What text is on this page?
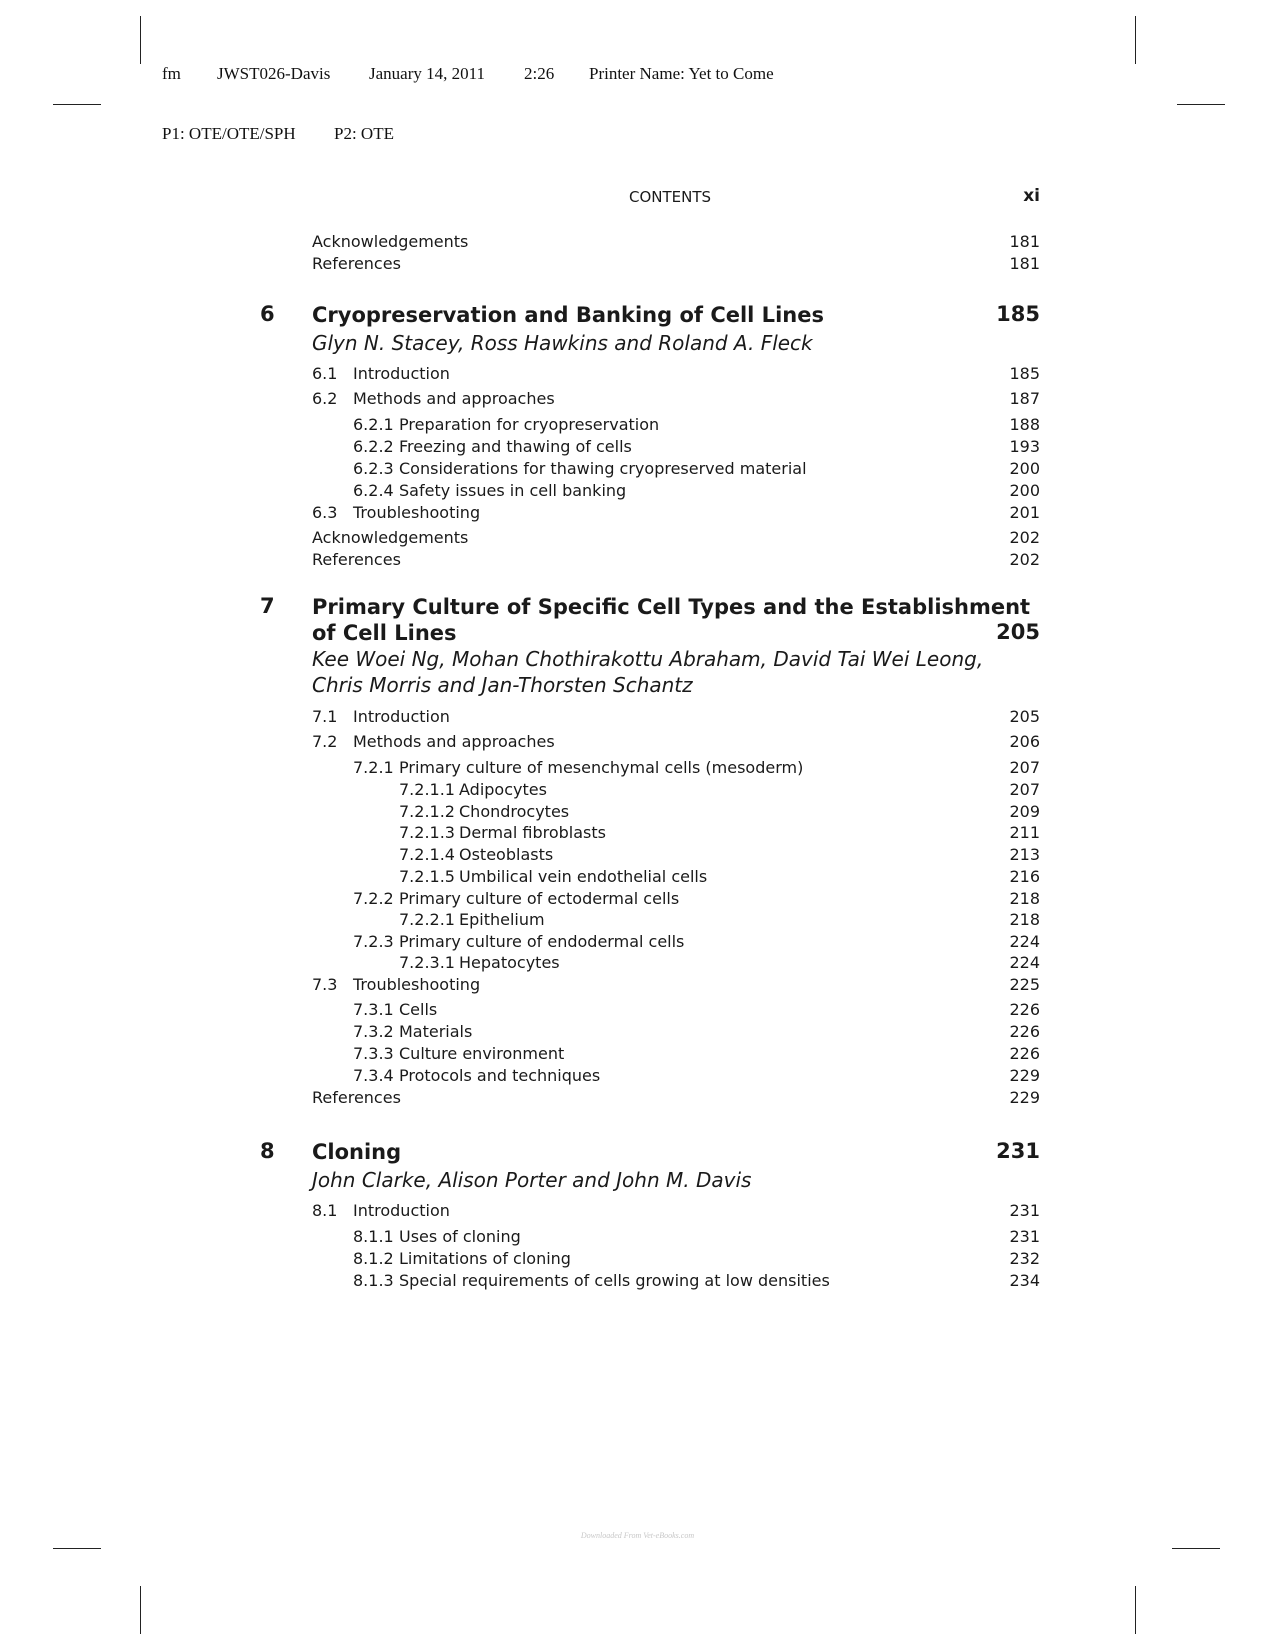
fm JWST026-Davis January 14, 2011 2:26 Printer Name: Yet to Come

P1: OTE/OTE/SPH P2: OTE

CONTENTS	xi
Acknowledgements	181
References	181
6 Cryopreservation and Banking of Cell Lines	185
Glyn N. Stacey, Ross Hawkins and Roland A. Fleck
6.1 Introduction	185
6.2 Methods and approaches	187
6.2.1 Preparation for cryopreservation	188
6.2.2 Freezing and thawing of cells	193
6.2.3 Considerations for thawing cryopreserved material	200
6.2.4 Safety issues in cell banking	200
6.3 Troubleshooting	201
Acknowledgements	202
References	202
7 Primary Culture of Specific Cell Types and the Establishment
of Cell Lines	205
Kee Woei Ng, Mohan Chothirakottu Abraham, David Tai Wei Leong,
Chris Morris and Jan-Thorsten Schantz
7.1 Introduction	205
7.2 Methods and approaches	206
7.2.1 Primary culture of mesenchymal cells (mesoderm)	207
7.2.1.1 Adipocytes	207
7.2.1.2 Chondrocytes	209
7.2.1.3 Dermal fibroblasts	211
7.2.1.4 Osteoblasts	213
7.2.1.5 Umbilical vein endothelial cells	216
7.2.2 Primary culture of ectodermal cells	218
7.2.2.1 Epithelium	218
7.2.3 Primary culture of endodermal cells	224
7.2.3.1 Hepatocytes	224
7.3 Troubleshooting	225
7.3.1 Cells	226
7.3.2 Materials	226
7.3.3 Culture environment	226
7.3.4 Protocols and techniques	229
References	229
8 Cloning	231
John Clarke, Alison Porter and John M. Davis
8.1 Introduction	231
8.1.1 Uses of cloning	231
8.1.2 Limitations of cloning	232
8.1.3 Special requirements of cells growing at low densities	234
Downloaded From Vet-eBooks.com
